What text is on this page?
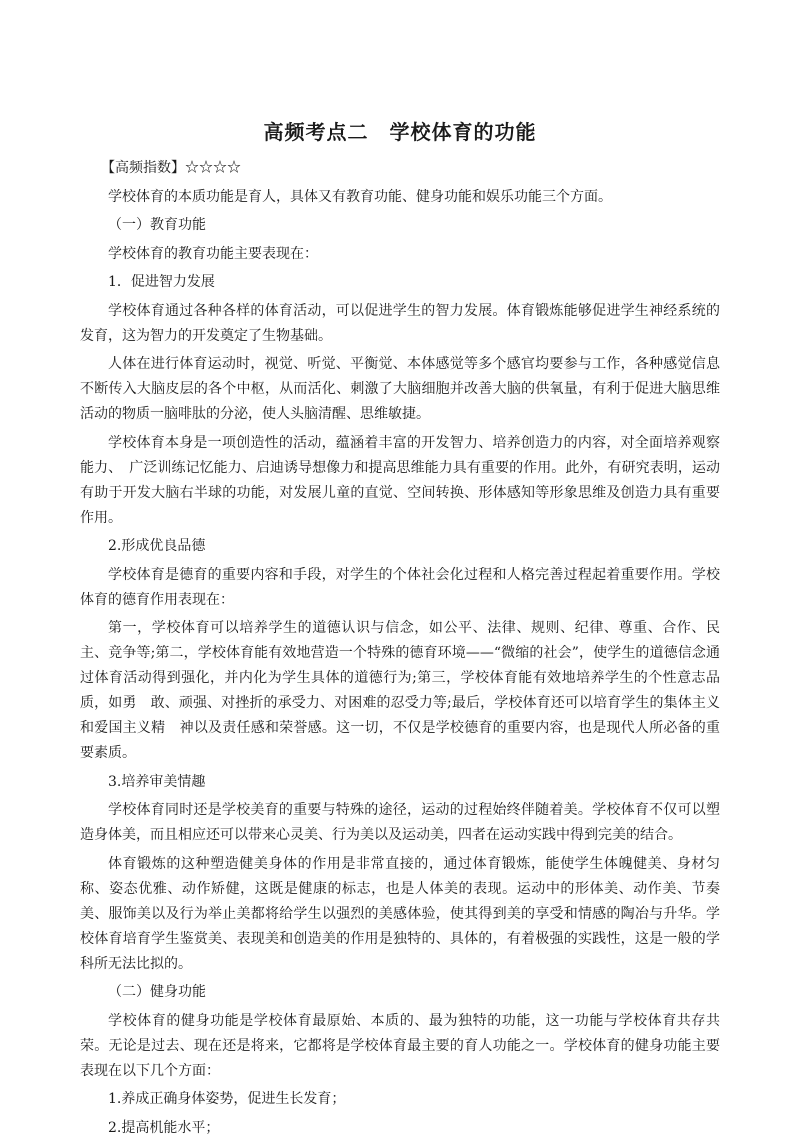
高频考点二　学校体育的功能

【高频指数】☆☆☆☆

学校体育的本质功能是育人，具体又有教育功能、健身功能和娱乐功能三个方面。

（一）教育功能

学校体育的教育功能主要表现在：

1．促进智力发展

学校体育通过各种各样的体育活动，可以促进学生的智力发展。体育锻炼能够促进学生神经系统的发育，这为智力的开发奠定了生物基础。

人体在进行体育运动时，视觉、听觉、平衡觉、本体感觉等多个感官均要参与工作，各种感觉信息不断传入大脑皮层的各个中枢，从而活化、刺激了大脑细胞并改善大脑的供氧量，有利于促进大脑思维活动的物质一脑啡肽的分泌，使人头脑清醒、思维敏捷。

学校体育本身是一项创造性的活动，蕴涵着丰富的开发智力、培养创造力的内容，对全面培养观察能力、　广泛训练记忆能力、启迪诱导想像力和提高思维能力具有重要的作用。此外，有研究表明，运动有助于开发大脑右半球的功能，对发展儿童的直觉、空间转换、形体感知等形象思维及创造力具有重要作用。

2.形成优良品德

学校体育是德育的重要内容和手段，对学生的个体社会化过程和人格完善过程起着重要作用。学校体育的德育作用表现在：

第一，学校体育可以培养学生的道德认识与信念，如公平、法律、规则、纪律、尊重、合作、民主、竞争等;第二，学校体育能有效地营造一个特殊的德育环境——“微缩的社会”，使学生的道德信念通过体育活动得到强化，并内化为学生具体的道德行为;第三，学校体育能有效地培养学生的个性意志品质，如勇　敢、顽强、对挫折的承受力、对困难的忍受力等;最后，学校体育还可以培育学生的集体主义和爱国主义精　神以及责任感和荣誉感。这一切，不仅是学校德育的重要内容，也是现代人所必备的重要素质。

3.培养审美情趣

学校体育同时还是学校美育的重要与特殊的途径，运动的过程始终伴随着美。学校体育不仅可以塑造身体美，而且相应还可以带来心灵美、行为美以及运动美，四者在运动实践中得到完美的结合。

体育锻炼的这种塑造健美身体的作用是非常直接的，通过体育锻炼，能使学生体魄健美、身材匀称、姿态优雅、动作矫健，这既是健康的标志，也是人体美的表现。运动中的形体美、动作美、节奏美、服饰美以及行为举止美都将给学生以强烈的美感体验，使其得到美的享受和情感的陶冶与升华。学校体育培育学生鉴赏美、表现美和创造美的作用是独特的、具体的，有着极强的实践性，这是一般的学科所无法比拟的。

（二）健身功能

学校体育的健身功能是学校体育最原始、本质的、最为独特的功能，这一功能与学校体育共存共荣。无论是过去、现在还是将来，它都将是学校体育最主要的育人功能之一。学校体育的健身功能主要表现在以下几个方面：

1.养成正确身体姿势，促进生长发育；

2.提高机能水平；
